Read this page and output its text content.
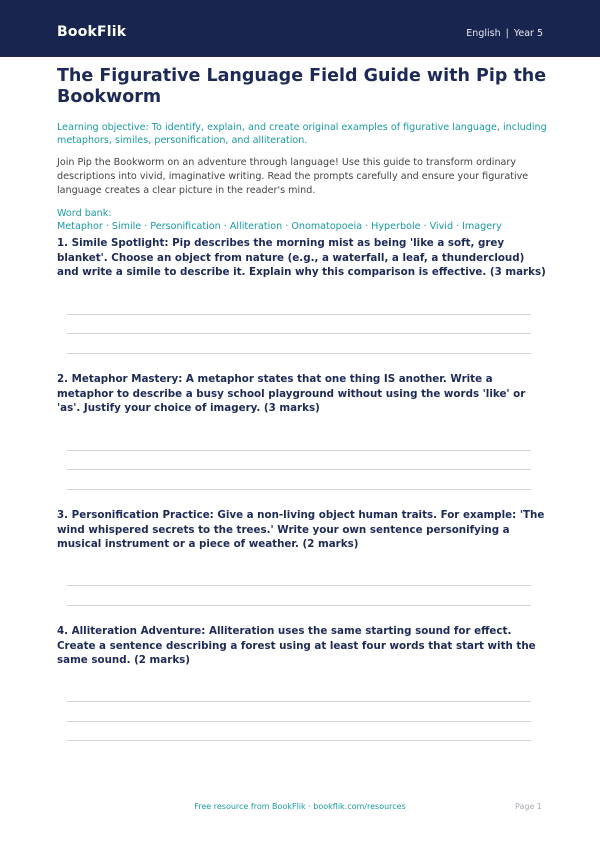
BookFlik	English | Year 5
The Figurative Language Field Guide with Pip the Bookworm

Learning objective: To identify, explain, and create original examples of figurative language, including metaphors, similes, personification, and alliteration.

Join Pip the Bookworm on an adventure through language! Use this guide to transform ordinary descriptions into vivid, imaginative writing. Read the prompts carefully and ensure your figurative language creates a clear picture in the reader's mind.

Word bank: Metaphor · Simile · Personification · Alliteration · Onomatopoeia · Hyperbole · Vivid · Imagery

1. Simile Spotlight: Pip describes the morning mist as being 'like a soft, grey blanket'. Choose an object from nature (e.g., a waterfall, a leaf, a thundercloud) and write a simile to describe it. Explain why this comparison is effective. (3 marks)

2. Metaphor Mastery: A metaphor states that one thing IS another. Write a metaphor to describe a busy school playground without using the words 'like' or 'as'. Justify your choice of imagery. (3 marks)

3. Personification Practice: Give a non-living object human traits. For example: 'The wind whispered secrets to the trees.' Write your own sentence personifying a musical instrument or a piece of weather. (2 marks)

4. Alliteration Adventure: Alliteration uses the same starting sound for effect. Create a sentence describing a forest using at least four words that start with the same sound. (2 marks)

Free resource from BookFlik · bookflik.com/resources	Page 1
